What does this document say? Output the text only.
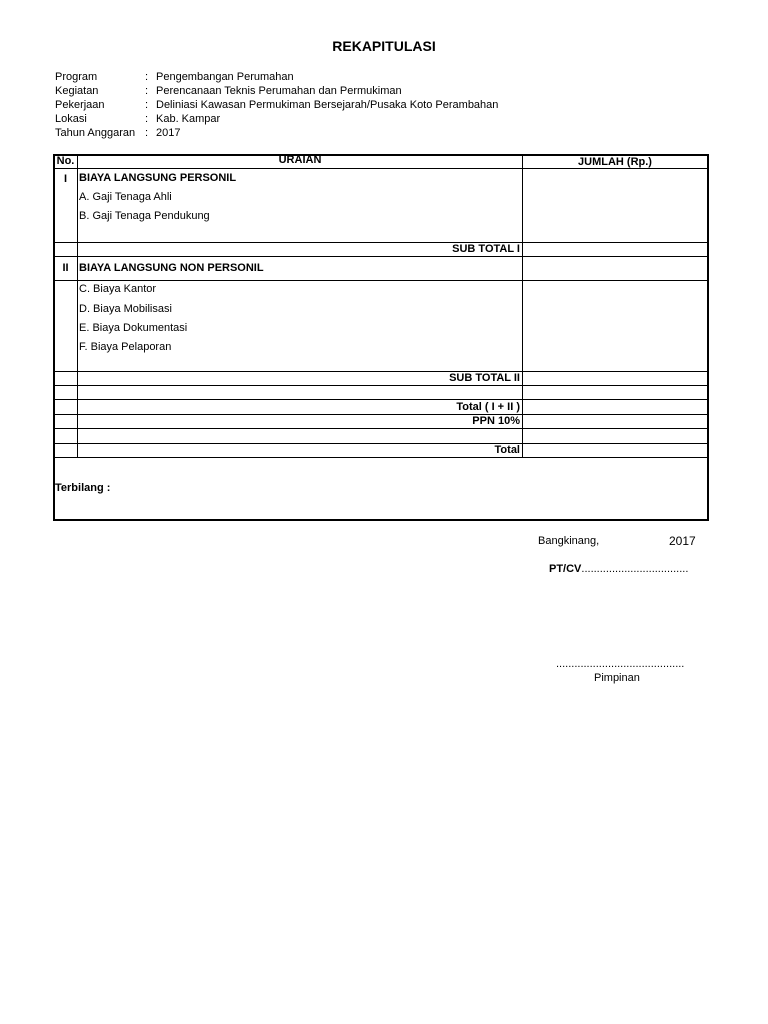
REKAPITULASI
Program	: Pengembangan Perumahan
Kegiatan	: Perencanaan Teknis Perumahan dan Permukiman
Pekerjaan	: Deliniasi Kawasan Permukiman Bersejarah/Pusaka Koto Perambahan
Lokasi	: Kab. Kampar
Tahun Anggaran : 2017
No.	URAIAN	JUMLAH (Rp.)
I	BIAYA LANGSUNG PERSONIL
A. Gaji Tenaga Ahli
B. Gaji Tenaga Pendukung
SUB TOTAL I
II BIAYA LANGSUNG NON PERSONIL
C. Biaya Kantor
D. Biaya Mobilisasi
E. Biaya Dokumentasi
F. Biaya Pelaporan
SUB TOTAL II
Total ( I + II )
PPN 10%
Total
Terbilang :
Bangkinang,	2017
PT/CV...................................
..........................................
Pimpinan
